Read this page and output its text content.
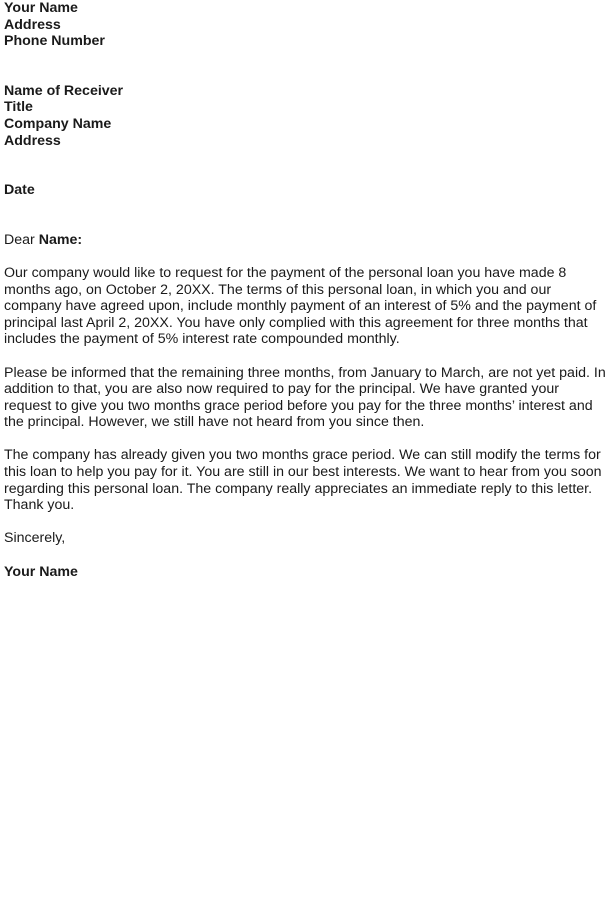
Your Name
Address
Phone Number
Name of Receiver
Title
Company Name
Address
Date
Dear Name:
Our company would like to request for the payment of the personal loan you have made 8
months ago, on October 2, 20XX. The terms of this personal loan, in which you and our
company have agreed upon, include monthly payment of an interest of 5% and the payment of
principal last April 2, 20XX. You have only complied with this agreement for three months that
includes the payment of 5% interest rate compounded monthly.
Please be informed that the remaining three months, from January to March, are not yet paid. In
addition to that, you are also now required to pay for the principal. We have granted your
request to give you two months grace period before you pay for the three months’ interest and
the principal. However, we still have not heard from you since then.
The company has already given you two months grace period. We can still modify the terms for
this loan to help you pay for it. You are still in our best interests. We want to hear from you soon
regarding this personal loan. The company really appreciates an immediate reply to this letter.
Thank you.
Sincerely,
Your Name
